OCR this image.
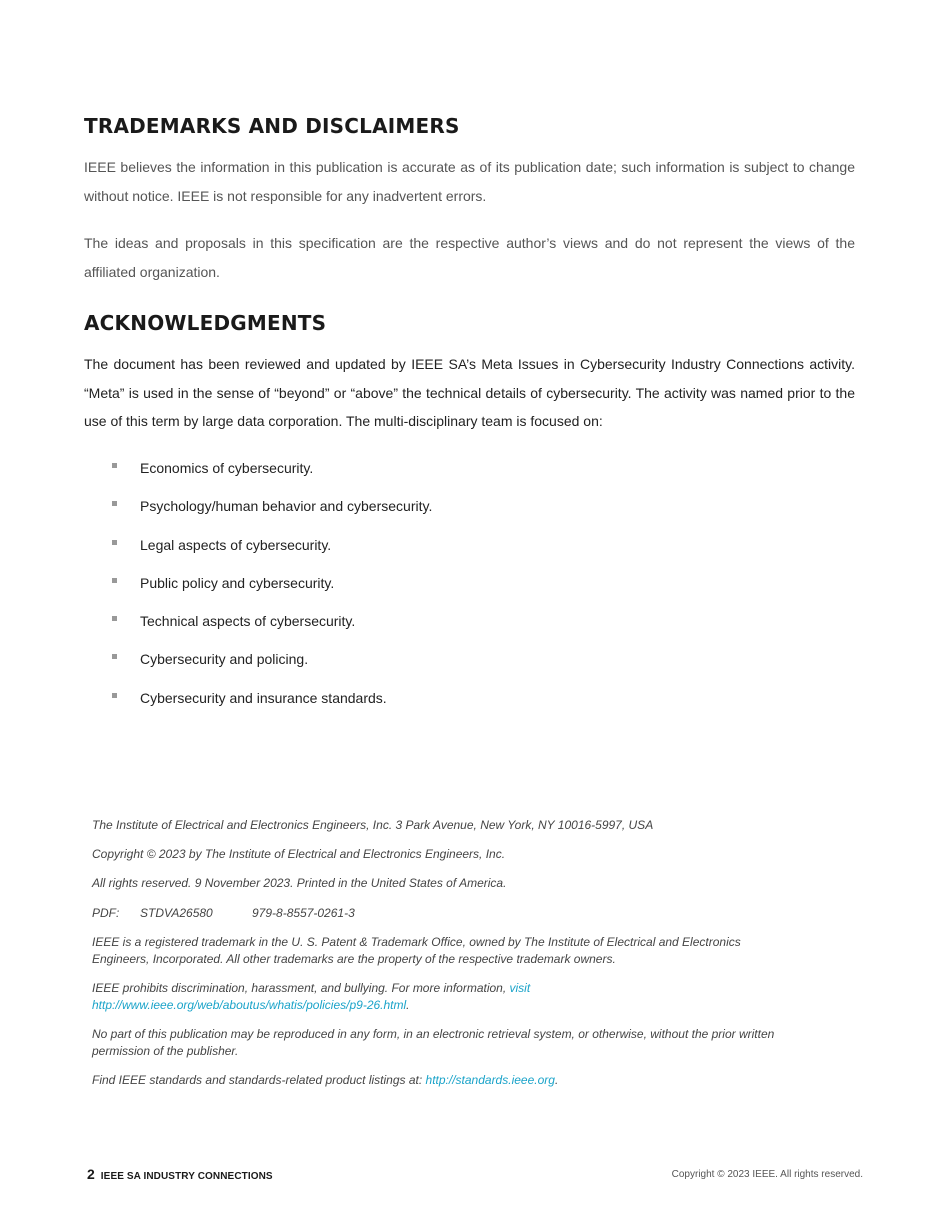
TRADEMARKS AND DISCLAIMERS

IEEE believes the information in this publication is accurate as of its publication date; such information is subject to change without notice. IEEE is not responsible for any inadvertent errors.

The ideas and proposals in this specification are the respective author’s views and do not represent the views of the affiliated organization.

ACKNOWLEDGMENTS

The document has been reviewed and updated by IEEE SA’s Meta Issues in Cybersecurity Industry Connections activity. “Meta” is used in the sense of “beyond” or “above” the technical details of cybersecurity. The activity was named prior to the use of this term by large data corporation. The multi-disciplinary team is focused on:

Economics of cybersecurity.
Psychology/human behavior and cybersecurity.
Legal aspects of cybersecurity.
Public policy and cybersecurity.
Technical aspects of cybersecurity.
Cybersecurity and policing.
Cybersecurity and insurance standards.

The Institute of Electrical and Electronics Engineers, Inc. 3 Park Avenue, New York, NY 10016-5997, USA

Copyright © 2023 by The Institute of Electrical and Electronics Engineers, Inc.

All rights reserved. 9 November 2023. Printed in the United States of America.

PDF:	STDVA26580	979-8-8557-0261-3

IEEE is a registered trademark in the U. S. Patent & Trademark Office, owned by The Institute of Electrical and Electronics Engineers, Incorporated. All other trademarks are the property of the respective trademark owners.

IEEE prohibits discrimination, harassment, and bullying. For more information, visit http://www.ieee.org/web/aboutus/whatis/policies/p9-26.html.

No part of this publication may be reproduced in any form, in an electronic retrieval system, or otherwise, without the prior written permission of the publisher.

Find IEEE standards and standards-related product listings at: http://standards.ieee.org.

2 IEEE SA INDUSTRY CONNECTIONS	Copyright © 2023 IEEE. All rights reserved.
